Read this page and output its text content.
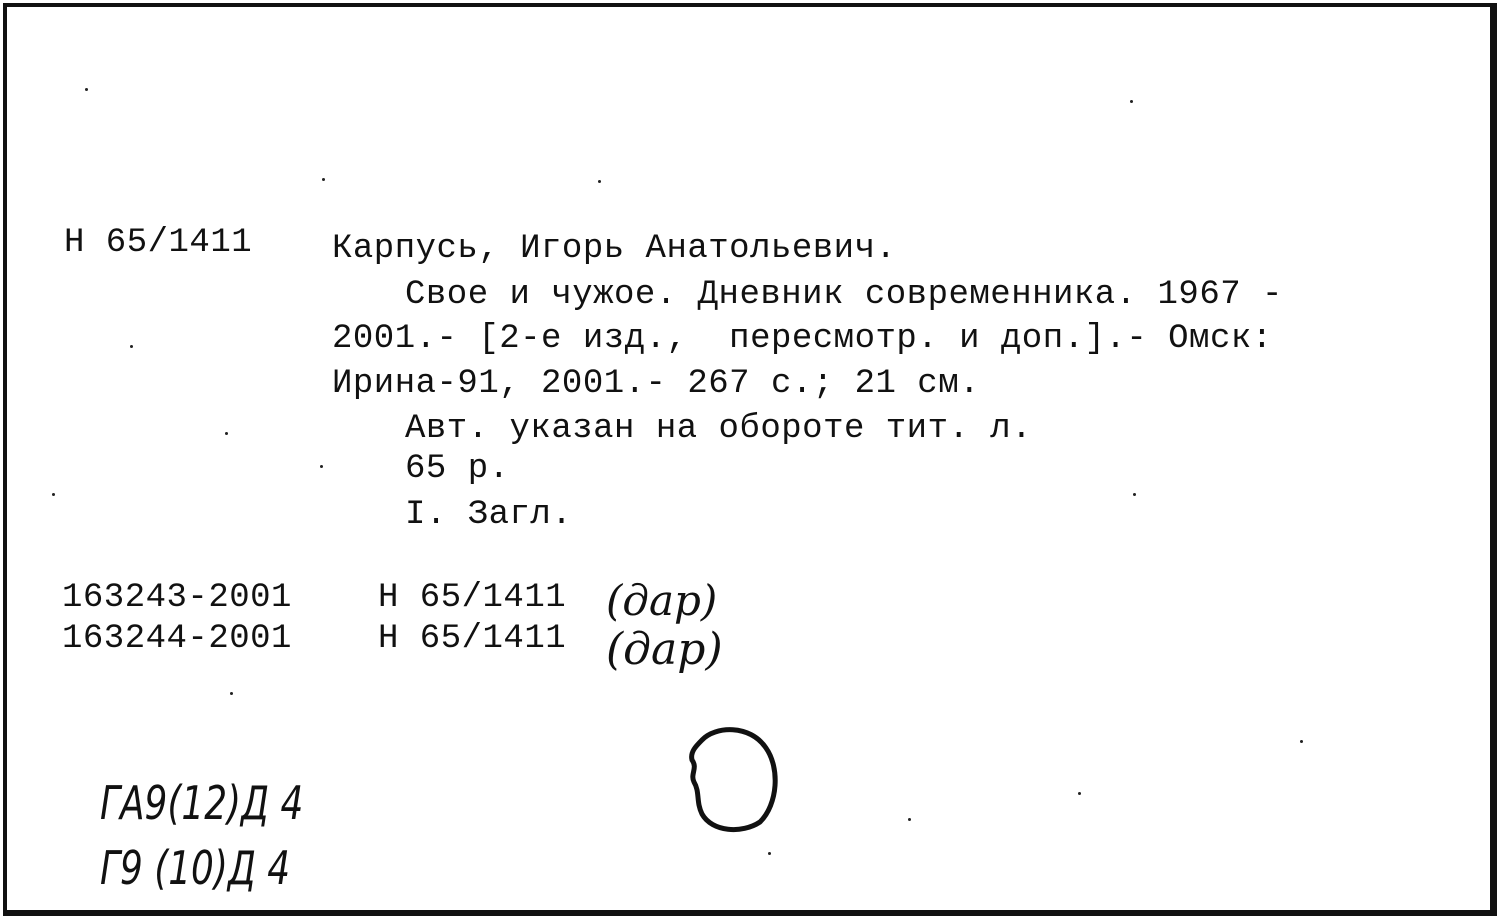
Н 65/1411 Карпусь, Игорь Анатольевич.
Свое и чужое. Дневник современника. 1967 -
2001.- [2-е изд.,  пересмотр. и доп.].- Омск:
Ирина-91, 2001.- 267 с.; 21 см.
Авт. указан на обороте тит. л.
65 р.
I. Загл.
163243-2001	Н 65/1411 (дар)
163244-2001	Н 65/1411 (дар)
ГА9(12)Д 4
Г9 (10)Д 4
